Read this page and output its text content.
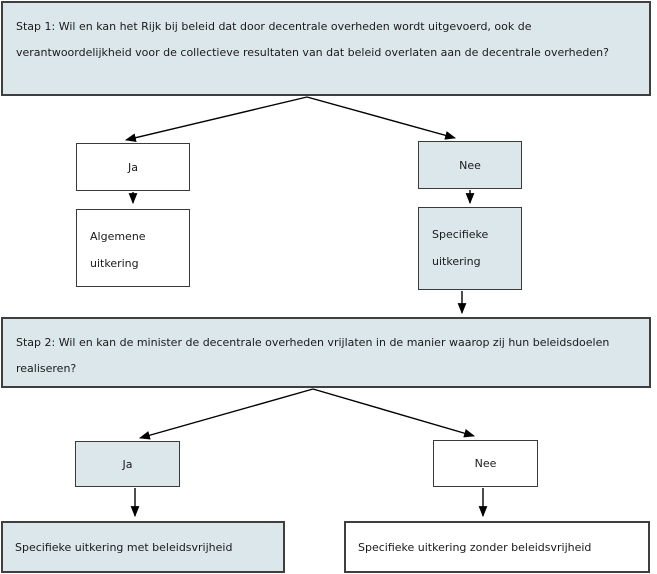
Stap 1: Wil en kan het Rijk bij beleid dat door decentrale overheden wordt uitgevoerd, ook de verantwoordelijkheid voor de collectieve resultaten van dat beleid overlaten aan de decentrale overheden?
Ja	Nee
Algemene uitkering
Specifieke uitkering
Stap 2: Wil en kan de minister de decentrale overheden vrijlaten in de manier waarop zij hun beleidsdoelen realiseren?
Ja	Nee
Specifieke uitkering met beleidsvrijheid	Specifieke uitkering zonder beleidsvrijheid
